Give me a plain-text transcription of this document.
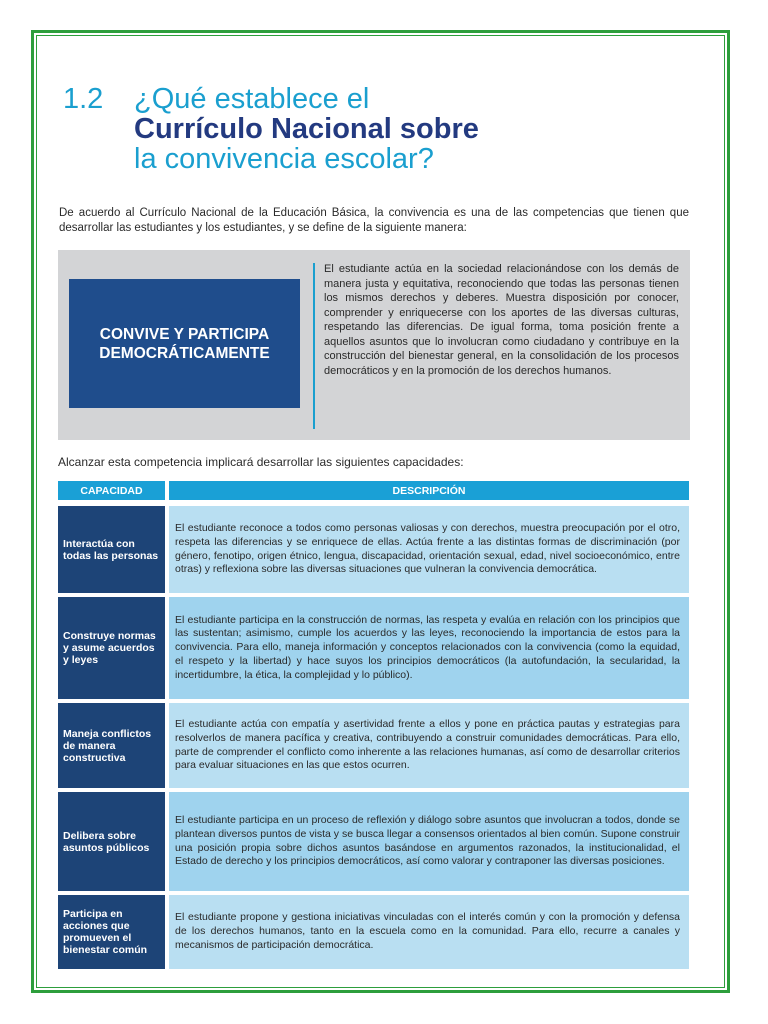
1.2	¿Qué establece el
Currículo Nacional sobre
la convivencia escolar?
De acuerdo al Currículo Nacional de la Educación Básica, la convivencia es una de las competencias que tienen que desarrollar las estudiantes y los estudiantes, y se define de la siguiente manera:
CONVIVE Y PARTICIPA
DEMOCRÁTICAMENTE
El estudiante actúa en la sociedad relacionándose con los demás de manera justa y equitativa, reconociendo que todas las personas tienen los mismos derechos y deberes. Muestra disposición por conocer, comprender y enriquecerse con los aportes de las diversas culturas, respetando las diferencias. De igual forma, toma posición frente a aquellos asuntos que lo involucran como ciudadano y contribuye en la construcción del bienestar general, en la consolidación de los procesos democráticos y en la promoción de los derechos humanos.
Alcanzar esta competencia implicará desarrollar las siguientes capacidades:
CAPACIDAD	DESCRIPCIÓN
Interactúa con todas las personas	El estudiante reconoce a todos como personas valiosas y con derechos, muestra preocupación por el otro, respeta las diferencias y se enriquece de ellas. Actúa frente a las distintas formas de discriminación (por género, fenotipo, origen étnico, lengua, discapacidad, orientación sexual, edad, nivel socioeconómico, entre otras) y reflexiona sobre las diversas situaciones que vulneran la convivencia democrática.
Construye normas y asume acuerdos y leyes	El estudiante participa en la construcción de normas, las respeta y evalúa en relación con los principios que las sustentan; asimismo, cumple los acuerdos y las leyes, reconociendo la importancia de estos para la convivencia. Para ello, maneja información y conceptos relacionados con la convivencia (como la equidad, el respeto y la libertad) y hace suyos los principios democráticos (la autofundación, la secularidad, la incertidumbre, la ética, la complejidad y lo público).
Maneja conflictos de manera constructiva	El estudiante actúa con empatía y asertividad frente a ellos y pone en práctica pautas y estrategias para resolverlos de manera pacífica y creativa, contribuyendo a construir comunidades democráticas. Para ello, parte de comprender el conflicto como inherente a las relaciones humanas, así como de desarrollar criterios para evaluar situaciones en las que estos ocurren.
Delibera sobre asuntos públicos	El estudiante participa en un proceso de reflexión y diálogo sobre asuntos que involucran a todos, donde se plantean diversos puntos de vista y se busca llegar a consensos orientados al bien común. Supone construir una posición propia sobre dichos asuntos basándose en argumentos razonados, la institucionalidad, el Estado de derecho y los principios democráticos, así como valorar y contraponer las diversas posiciones.
Participa en acciones que promueven el bienestar común	El estudiante propone y gestiona iniciativas vinculadas con el interés común y con la promoción y defensa de los derechos humanos, tanto en la escuela como en la comunidad. Para ello, recurre a canales y mecanismos de participación democrática.
